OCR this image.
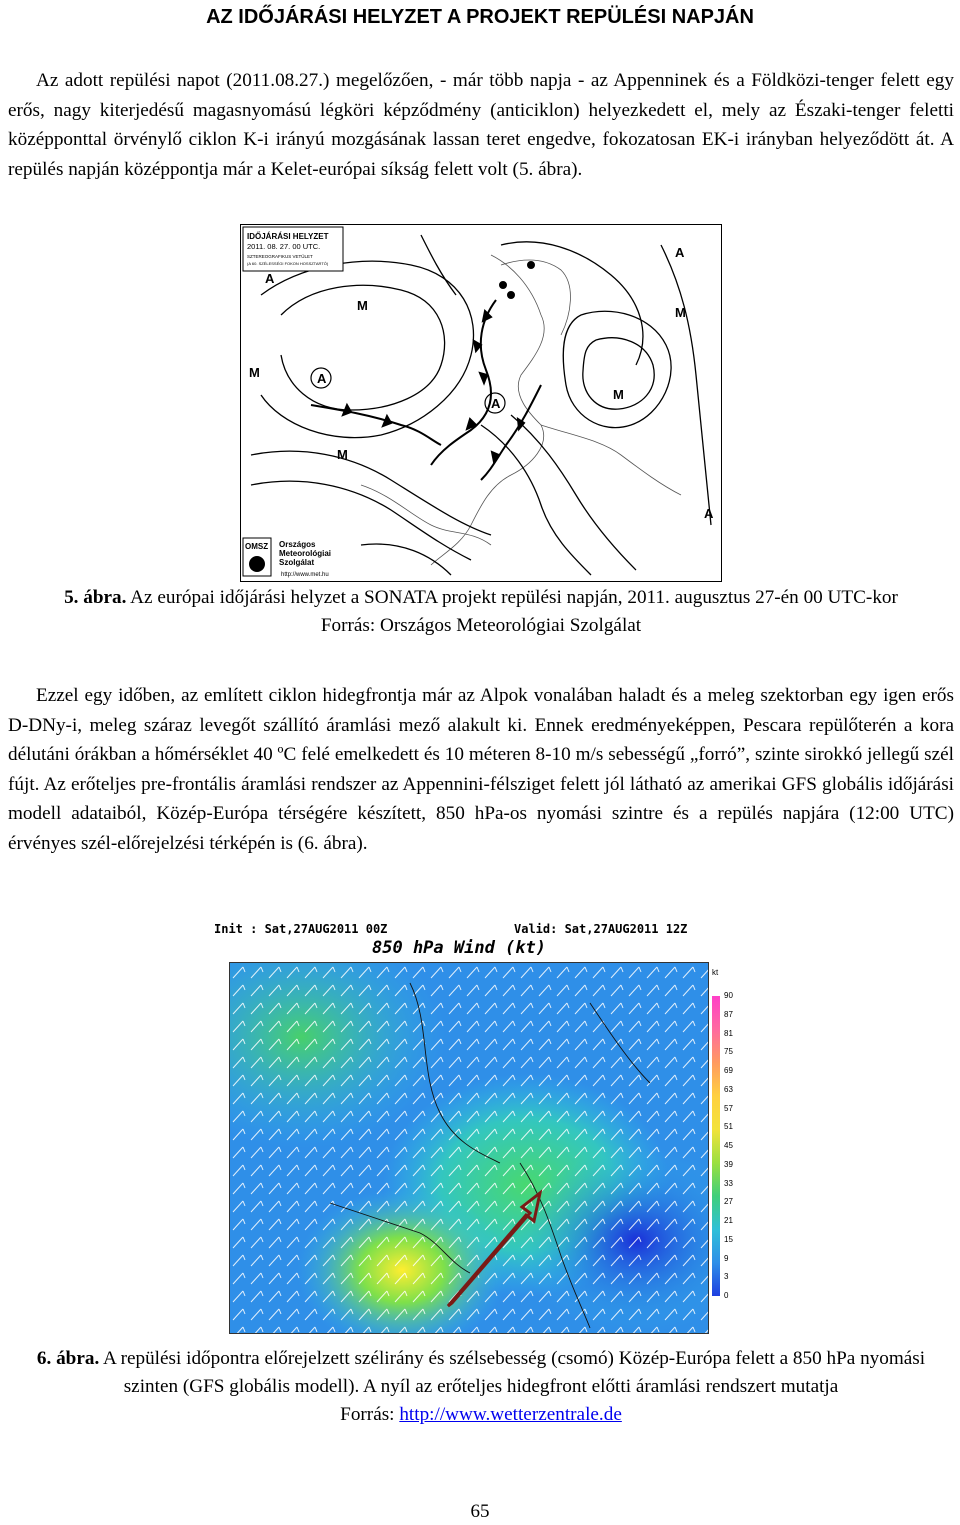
AZ IDŐJÁRÁSI HELYZET A PROJEKT REPÜLÉSI NAPJÁN
Az adott repülési napot (2011.08.27.) megelőzően, - már több napja - az Appenninek és a Földközi-tenger felett egy erős, nagy kiterjedésű magasnyomású légköri képződmény (anticiklon) helyezkedett el, mely az Északi-tenger feletti középponttal örvénylő ciklon K-i irányú mozgásának lassan teret engedve, fokozatosan EK-i irányban helyeződött át. A repülés napján középpontja már a Kelet-európai síkság felett volt (5. ábra).
IDŐJÁRÁSI HELYZET
2011. 08. 27. 00 UTC.
SZTEREOGRAFIKUS VETÜLET
(A 60. SZÉLESSÉGI FOKON HOSSZTARTÓ)
A
A
A
A
A
M	M
M
M
M
OMSZ Országos
Meteorológiai
Szolgálat
http://www.met.hu
5. ábra. Az európai időjárási helyzet a SONATA projekt repülési napján, 2011. augusztus 27-én 00 UTC-kor
Forrás: Országos Meteorológiai Szolgálat
Ezzel egy időben, az említett ciklon hidegfrontja már az Alpok vonalában haladt és a meleg szektorban egy igen erős D-DNy-i, meleg száraz levegőt szállító áramlási mező alakult ki. Ennek eredményeképpen, Pescara repülőterén a kora délutáni órákban a hőmérséklet 40 ºC felé emelkedett és 10 méteren 8-10 m/s sebességű „forró”, szinte sirokkó jellegű szél fújt. Az erőteljes pre-frontális áramlási rendszer az Appennini-félsziget felett jól látható az amerikai GFS globális időjárási modell adataiból, Közép-Európa térségére készített, 850 hPa-os nyomási szintre és a repülés napjára (12:00 UTC) érvényes szél-előrejelzési térképén is (6. ábra).
Init : Sat,27AUG2011 00Z	Valid: Sat,27AUG2011 12Z
850 hPa Wind (kt)
kt
90
87
81
75
69
63
57
51
45
39
33
27
21
15
9
3
0
6. ábra. A repülési időpontra előrejelzett szélirány és szélsebesség (csomó) Közép-Európa felett a 850 hPa nyomási szinten (GFS globális modell). A nyíl az erőteljes hidegfront előtti áramlási rendszert mutatja
Forrás: http://www.wetterzentrale.de
65
